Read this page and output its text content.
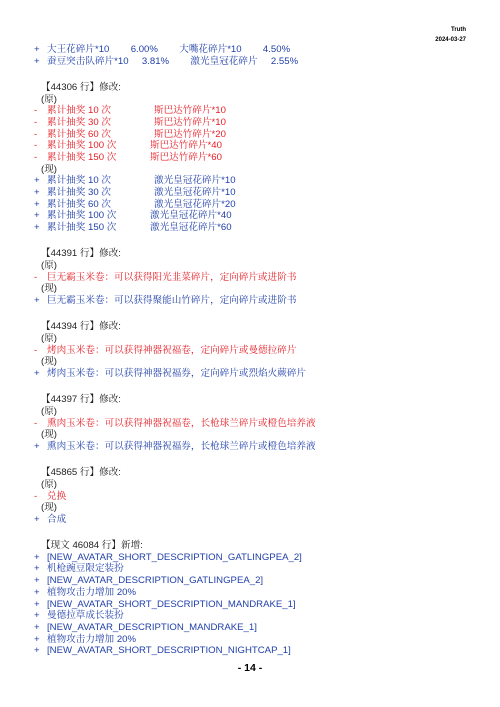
Truth
2024-03-27
+ 大王花碎片*10        6.00%        大嘴花碎片*10        4.50%
+ 蚕豆突击队碎片*10     3.81%        激光皇冠花碎片     2.55%
【44306 行】修改:
(原)
- 累计抽奖 10 次	斯巴达竹碎片*10
- 累计抽奖 30 次	斯巴达竹碎片*10
- 累计抽奖 60 次	斯巴达竹碎片*20
- 累计抽奖 100 次	斯巴达竹碎片*40
- 累计抽奖 150 次	斯巴达竹碎片*60
(现)
+ 累计抽奖 10 次	激光皇冠花碎片*10
+ 累计抽奖 30 次	激光皇冠花碎片*10
+ 累计抽奖 60 次	激光皇冠花碎片*20
+ 累计抽奖 100 次	激光皇冠花碎片*40
+ 累计抽奖 150 次	激光皇冠花碎片*60
【44391 行】修改:
(原)
- 巨无霸玉米卷：可以获得阳光韭菜碎片，定向碎片或进阶书
(现)
+ 巨无霸玉米卷：可以获得聚能山竹碎片，定向碎片或进阶书
【44394 行】修改:
(原)
- 烤肉玉米卷：可以获得神器祝福卷，定向碎片或曼德拉碎片
(现)
+ 烤肉玉米卷：可以获得神器祝福券，定向碎片或烈焰火蕨碎片
【44397 行】修改:
(原)
- 熏肉玉米卷：可以获得神器祝福卷，长枪球兰碎片或橙色培养液
(现)
+ 熏肉玉米卷：可以获得神器祝福券，长枪球兰碎片或橙色培养液
【45865 行】修改:
(原)
- 兑换
(现)
+ 合成
【现文 46084 行】新增:
+ [NEW_AVATAR_SHORT_DESCRIPTION_GATLINGPEA_2]
+ 机枪豌豆限定装扮
+ [NEW_AVATAR_DESCRIPTION_GATLINGPEA_2]
+ 植物攻击力增加 20%
+ [NEW_AVATAR_SHORT_DESCRIPTION_MANDRAKE_1]
+ 曼德拉草成长装扮
+ [NEW_AVATAR_DESCRIPTION_MANDRAKE_1]
+ 植物攻击力增加 20%
+ [NEW_AVATAR_SHORT_DESCRIPTION_NIGHTCAP_1]
- 14 -
